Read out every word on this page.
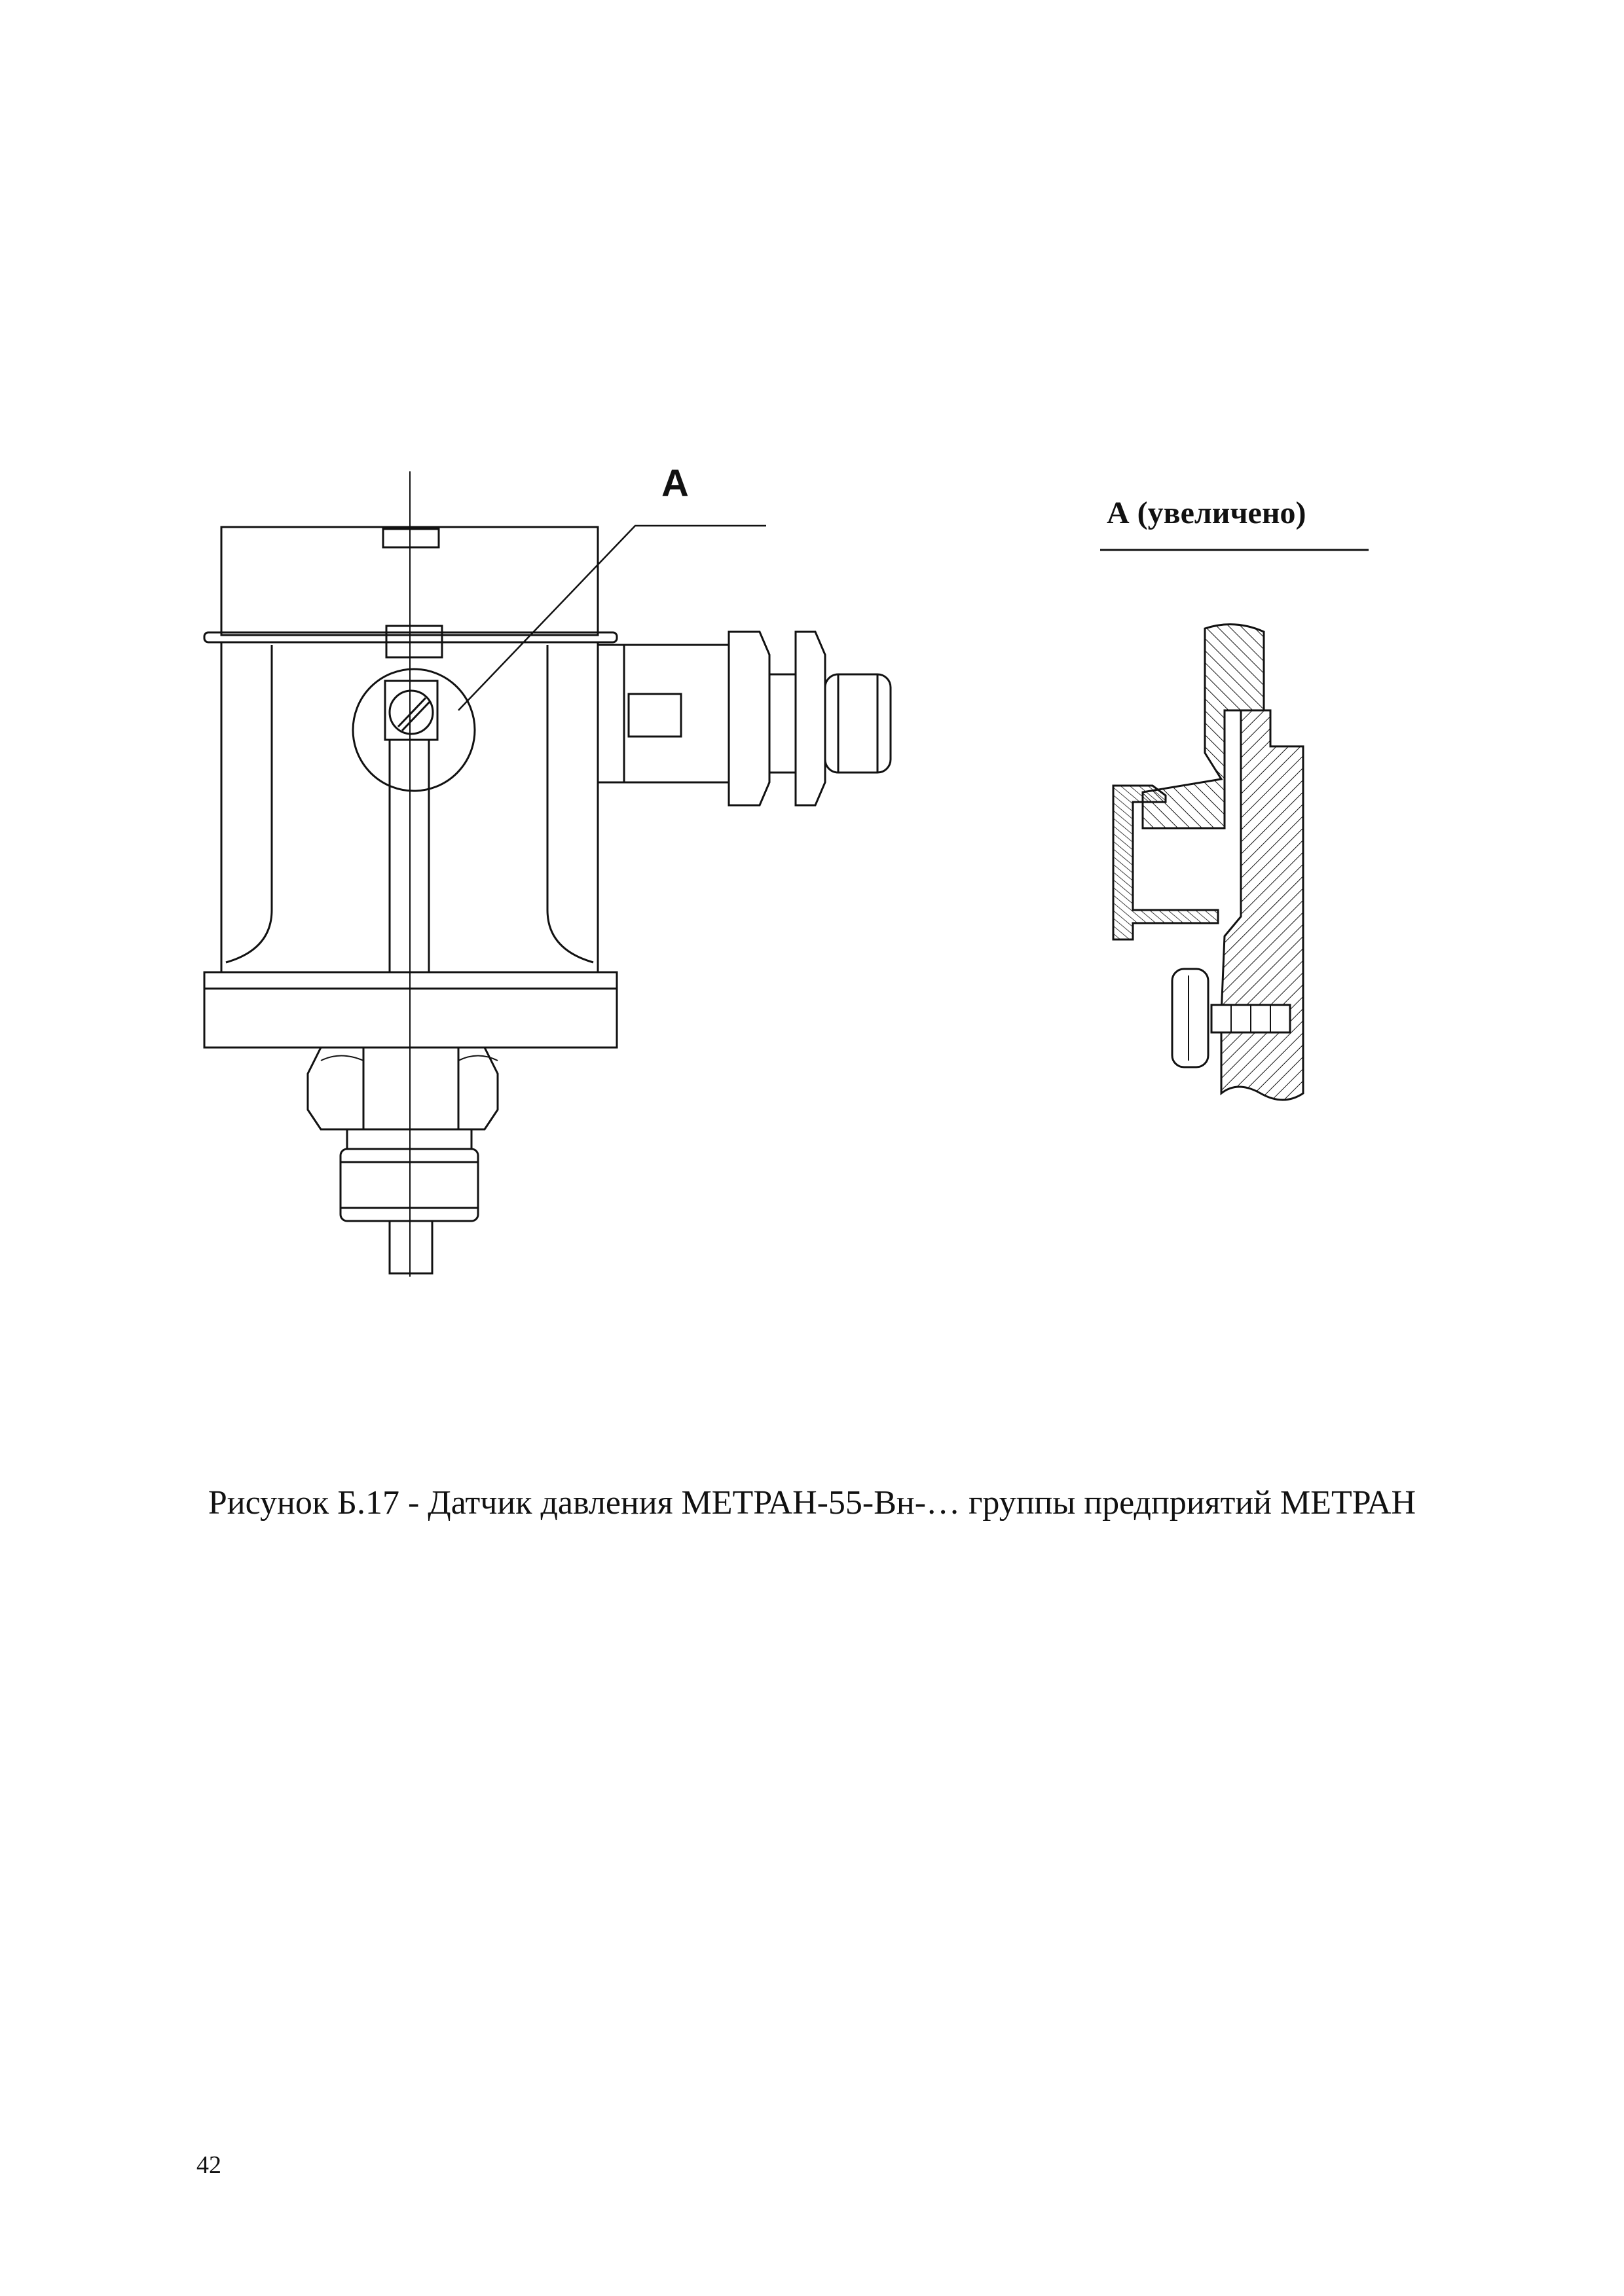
А
А (увеличено)
Рисунок Б.17 - Датчик давления МЕТРАН-55-Вн-… группы предприятий МЕТРАН
42
